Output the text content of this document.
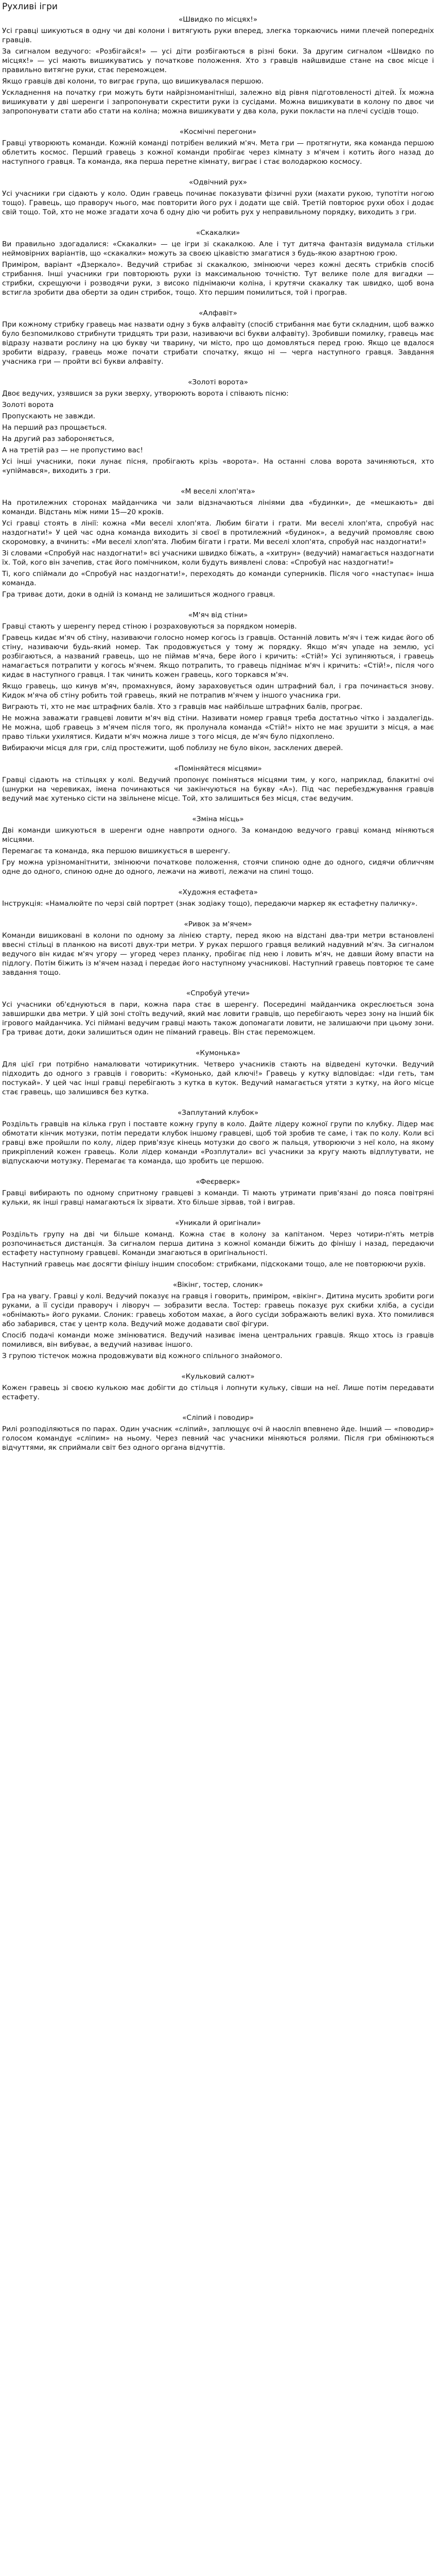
Рухливі ігри
«Швидко по місцях!»

Усі гравці шикуються в одну чи дві колони і витягують руки вперед, злегка торкаючись ними плечей попередніх гравців.

За сигналом ведучого: «Розбігайся!» — усі діти розбігаються в різні боки. За другим сигналом «Швидко по місцях!» — усі мають вишикуватись у початкове положення. Хто з гравців найшвидше стане на своє місце і правильно витягне руки, стає переможцем.

Якщо гравців дві колони, то виграє група, що вишикувалася першою.

Ускладнення на початку гри можуть бути найрізноманітніші, залежно від рівня підготовленості дітей. Їх можна вишикувати у дві шеренги і запропонувати скрестити руки із сусідами. Можна вишикувати в колону по двоє чи запропонувати стати або стати на коліна; можна вишикувати у два кола, руки покласти на плечі сусідів тощо.

«Космічні перегони»

Гравці утворюють команди. Кожній команді потрібен великий м'яч. Мета гри — протягнути, яка команда першою облетить космос. Перший гравець з кожної команди пробігає через кімнату з м'ячем і котить його назад до наступного гравця. Та команда, яка перша перетне кімнату, виграє і стає володаркою космосу.

«Одвічний рух»

Усі учасники гри сідають у коло. Один гравець починає показувати фізичні рухи (махати рукою, тупотіти ногою тощо). Гравець, що праворуч нього, має повторити його рух і додати ще свій. Третій повторює рухи обох і додає свій тощо. Той, хто не може згадати хоча б одну дію чи робить рух у неправильному порядку, виходить з гри.

«Скакалки»

Ви правильно здогадалися: «Скакалки» — це ігри зі скакалкою. Але і тут дитяча фантазія видумала стільки неймовірних варіантів, що «скакалки» можуть за своєю цікавістю змагатися з будь-якою азартною грою.

Приміром, варіант «Дзеркало». Ведучий стрибає зі скакалкою, змінюючи через кожні десять стрибків спосіб стрибання. Інші учасники гри повторюють рухи із максимальною точністю. Тут велике поле для вигадки — стрибки, схрещуючи і розводячи руки, з високо піднімаючи коліна, і крутячи скакалку так швидко, щоб вона встигла зробити два оберти за один стрибок, тощо. Хто першим помилиться, той і програв.

«Алфавіт»

При кожному стрибку гравець має назвати одну з букв алфавіту (спосіб стрибання має бути складним, щоб важко було безпомилково стрибнути тридцять три рази, називаючи всі букви алфавіту). Зробивши помилку, гравець має відразу назвати рослину на цю букву чи тварину, чи місто, про що домовляться перед грою. Якщо це вдалося зробити відразу, гравець може почати стрибати спочатку, якщо ні — черга наступного гравця. Завдання учасника гри — пройти всі букви алфавіту.

«Золоті ворота»

Двоє ведучих, узявшися за руки зверху, утворюють ворота і співають пісню:

Золоті ворота

Пропускають не завжди.

На перший раз прощається.

На другий раз забороняється,

А на третій раз — не пропустимо вас!

Усі інші учасники, поки лунає пісня, пробігають крізь «ворота». На останні слова ворота зачиняються, хто «упіймався», виходить з гри.

«М веселі хлоп'ята»

На протилежних сторонах майданчика чи зали відзначаються лініями два «будинки», де «мешкають» дві команди. Відстань між ними 15—20 кроків.

Усі гравці стоять в лінії: кожна «Ми веселі хлоп'ята. Любим бігати і грати. Ми веселі хлоп'ята, спробуй нас наздогнати!» У цей час одна команда виходить зі своєї в протилежний «будинок», а ведучий промовляє свою скоромовку, а вчинить: «Ми веселі хлоп'ята. Любим бігати і грати. Ми веселі хлоп'ята, спробуй нас наздогнати!»

Зі словами «Спробуй нас наздогнати!» всі учасники швидко біжать, а «хитрун» (ведучий) намагається наздогнати їх. Той, кого він зачепив, стає його помічником, коли будуть виявлені слова: «Спробуй нас наздогнати!»

Ті, кого спіймали до «Спробуй нас наздогнати!», переходять до команди суперників. Після чого «наступає» інша команда.

Гра триває доти, доки в одній із команд не залишиться жодного гравця.

«М'яч від стіни»

Гравці стають у шеренгу перед стіною і розраховуються за порядком номерів.

Гравець кидає м'яч об стіну, називаючи голосно номер когось із гравців. Останній ловить м'яч і теж кидає його об стіну, називаючи будь-який номер. Так продовжується у тому ж порядку. Якщо м'яч упаде на землю, усі розбігаються, а названий гравець, що не піймав м'яча, бере його і кричить: «Стій!» Усі зупиняються, і гравець намагається потрапити у когось м'ячем. Якщо потрапить, то гравець піднімає м'яч і кричить: «Стій!», після чого кидає в наступного гравця. І так чинить кожен гравець, кого торкався м'яч.

Якщо гравець, що кинув м'яч, промахнувся, йому зараховується один штрафний бал, і гра починається знову. Кидок м'яча об стіну робить той гравець, який не потрапив м'ячем у іншого учасника гри.

Виграють ті, хто не має штрафних балів. Хто з гравців має найбільше штрафних балів, програє.

Не можна заважати гравцеві ловити м'яч від стіни. Називати номер гравця треба достатньо чітко і заздалегідь. Не можна, щоб гравець з м'ячем після того, як пролунала команда «Стій!» ніхто не має зрушити з місця, а має право тільки ухилятися. Кидати м'яч можна лише з того місця, де м'яч було підхоплено.

Вибираючи місця для гри, слід простежити, щоб поблизу не було вікон, засклених дверей.

«Поміняйтеся місцями»

Гравці сідають на стільцях у колі. Ведучий пропонує поміняться місцями тим, у кого, наприклад, блакитні очі (шнурки на черевиках, імена починаються чи закінчуються на букву «А»). Під час перебезджування гравців ведучий має хутенько сісти на звільнене місце. Той, хто залишиться без місця, стає ведучим.

«Зміна місць»

Дві команди шикуються в шеренги одне навпроти одного. За командою ведучого гравці команд міняються місцями.

Перемагає та команда, яка першою вишикується в шеренгу.

Гру можна урізноманітнити, змінюючи початкове положення, стоячи спиною одне до одного, сидячи обличчям одне до одного, спиною одне до одного, лежачи на животі, лежачи на спині тощо.

«Художня естафета»

Інструкція: «Намалюйте по черзі свій портрет (знак зодіаку тощо), передаючи маркер як естафетну паличку».

«Ривок за м'ячем»

Команди вишиковані в колони по одному за лінією старту, перед якою на відстані два-три метри встановлені ввесні стільці в планкою на висоті двух-три метри. У руках першого гравця великий надувний м'яч. За сигналом ведучого він кидає м'яч угору — угоред через планку, пробігає під нею і ловить м'яч, не давши йому впасти на підлогу. Потім біжить із м'ячем назад і передає його наступному учасникові. Наступний гравець повторює те саме завдання тощо.

«Спробуй утечи»

Усі учасники об'єднуються в пари, кожна пара стає в шеренгу. Посередині майданчика окреслюється зона завширшки два метри. У цій зоні стоїть ведучий, який має ловити гравців, що перебігають через зону на інший бік ігрового майданчика. Усі піймані ведучим гравці мають також допомагати ловити, не залишаючи при цьому зони. Гра триває доти, доки залишиться один не піманий гравець. Він стає переможцем.

«Кумонька»

Для цієї гри потрібно намалювати чотирикутник. Четверо учасників стають на відведені куточки. Ведучий підходить до одного з гравців і говорить: «Кумонько, дай ключі!» Гравець у кутку відповідає: «Іди геть, там постукай». У цей час інші гравці перебігають з кутка в куток. Ведучий намагається утяти з кутку, на його місце стає гравець, що залишився без кутка.

«Заплутаний клубок»

Роздільть гравців на кілька груп і поставте кожну групу в коло. Дайте лідеру кожної групи по клубку. Лідер має обмотати кінчик мотузки, потім передати клубок іншому гравцеві, щоб той зробив те саме, і так по колу. Коли всі гравці вже пройшли по колу, лідер прив'язує кінець мотузки до свого ж пальця, утворюючи з неї коло, на якому прикріплений кожен гравець. Коли лідер команди «Розплутали» всі учасники за кругу мають відплутувати, не відпускаючи мотузку. Перемагає та команда, що зробить це першою.

«Феєрверк»

Гравці вибирають по одному спритному гравцеві з команди. Ті мають утримати прив'язані до пояса повітряні кульки, як інші гравці намагаються їх зірвати. Хто більше зірвав, той і виграв.

«Уникали й оригінали»

Роздільть групу на дві чи більше команд. Кожна стає в колону за капітаном. Через чотири-п'ять метрів розпочинається дистанція. За сигналом перша дитина з кожної команди біжить до фінішу і назад, передаючи естафету наступному гравцеві. Команди змагаються в оригінальності.

Наступний гравець має досягти фінішу іншим способом: стрибками, підскоками тощо, але не повторюючи рухів.

«Вікінг, тостер, слоник»

Гра на увагу. Гравці у колі. Ведучий показує на гравця і говорить, приміром, «вікінг». Дитина мусить зробити роги руками, а її сусіди праворуч і ліворуч — зобразити весла. Тостер: гравець показує рух скибки хліба, а сусіди «обнімають» його руками. Слоник: гравець хоботом махає, а його сусіди зображають великі вуха. Хто помилився або забарився, стає у центр кола. Ведучий може додавати свої фігури.

Спосіб подачі команди може змінюватися. Ведучий називає імена центральних гравців. Якщо хтось із гравців помилився, він вибуває, а ведучий називає іншого.

З групою тістечок можна продовжувати від кожного спільного знайомого.

«Кульковий салют»

Кожен гравець зі своєю кулькою має добігти до стільця і лопнути кульку, сівши на неї. Лише потім передавати естафету.

«Сліпий і поводир»

Рилі розподіляються по парах. Один учасник «сліпий», заплющує очі й наосліп впевнено йде. Інший — «поводир» голосом командує «сліпим» на ньому. Через певний час учасники міняються ролями. Після гри обмінюються відчуттями, як сприймали світ без одного органа відчуттів.
